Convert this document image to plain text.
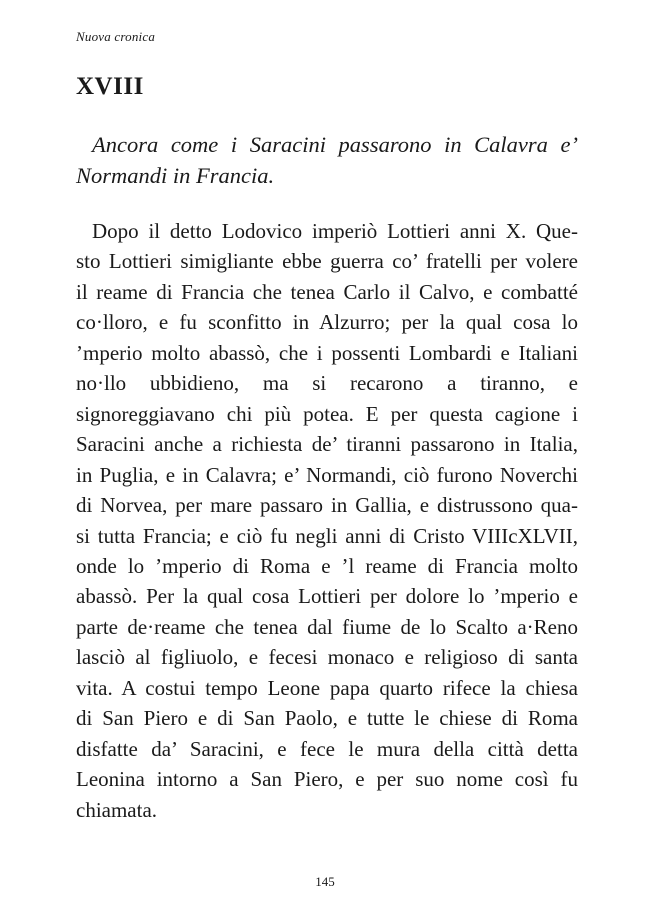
Nuova cronica
XVIII

Ancora come i Saracini passarono in Calavra e’ Normandi in Francia.

Dopo il detto Lodovico imperiò Lottieri anni X. Que-
sto Lottieri simigliante ebbe guerra co’ fratelli per volere
il reame di Francia che tenea Carlo il Calvo, e combatté
co·lloro, e fu sconfitto in Alzurro; per la qual cosa lo
’mperio molto abassò, che i possenti Lombardi e Italiani
no·llo ubbidieno, ma si recarono a tiranno, e
signoreggiavano chi più potea. E per questa cagione i
Saracini anche a richiesta de’ tiranni passarono in Italia,
in Puglia, e in Calavra; e’ Normandi, ciò furono Noverchi
di Norvea, per mare passaro in Gallia, e distrussono qua-
si tutta Francia; e ciò fu negli anni di Cristo VIIIcXLVII,
onde lo ’mperio di Roma e ’l reame di Francia molto
abassò. Per la qual cosa Lottieri per dolore lo ’mperio e
parte de·reame che tenea dal fiume de lo Scalto a·Reno
lasciò al figliuolo, e fecesi monaco e religioso di santa
vita. A costui tempo Leone papa quarto rifece la chiesa
di San Piero e di San Paolo, e tutte le chiese di Roma
disfatte da’ Saracini, e fece le mura della città detta
Leonina intorno a San Piero, e per suo nome così fu
chiamata.

145
